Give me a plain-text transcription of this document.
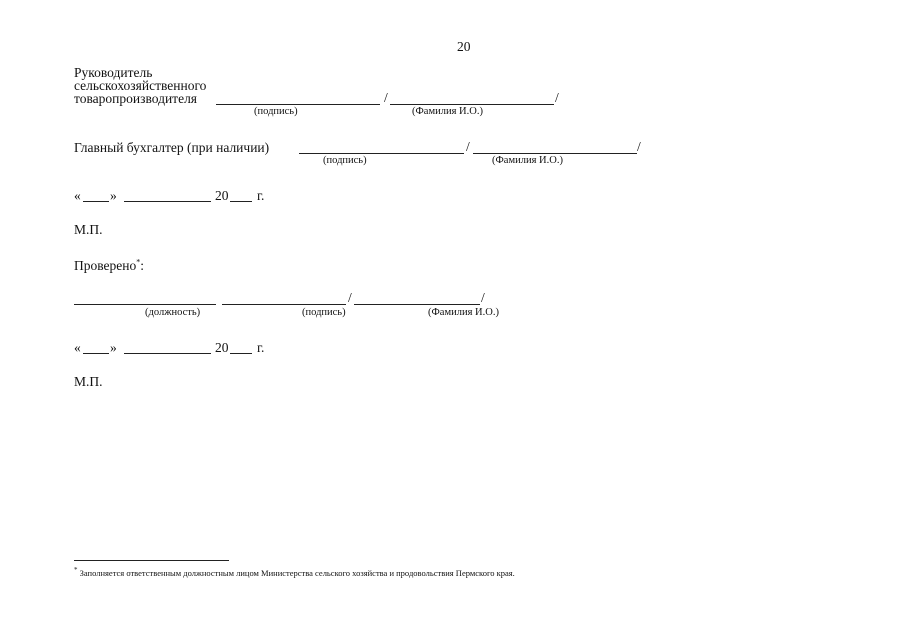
20
Руководитель
сельскохозяйственного
товаропроизводителя	/	/
(подпись)	(Фамилия И.О.)
Главный бухгалтер (при наличии)	/	/
(подпись)	(Фамилия И.О.)
« »	20 г.
М.П.
Проверено*:
/	/
(должность)	(подпись)	(Фамилия И.О.)
« »	20 г.
М.П.
* Заполняется ответственным должностным лицом Министерства сельского хозяйства и продовольствия Пермского края.
